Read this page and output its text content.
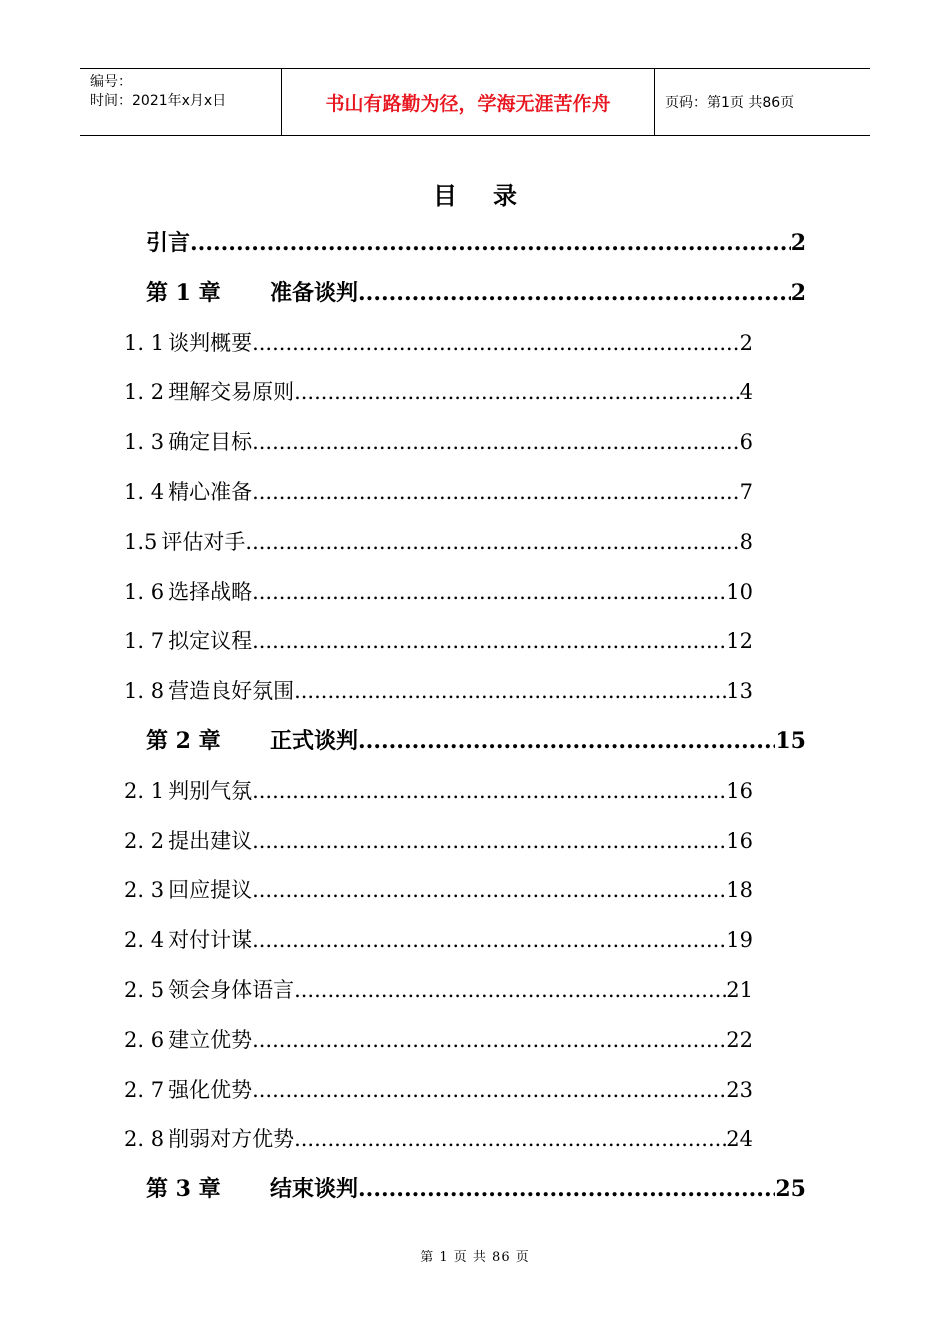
编号：
时间：2021年x月x日	书山有路勤为径，学海无涯苦作舟	页码：第1页 共86页
目录
引言 .....	2
第 1 章	准备谈判 .....	2
1. 1 谈判概要 .....	2
1. 2 理解交易原则 .....	4
1. 3 确定目标 .....	6
1. 4 精心准备 .....	7
1.5 评估对手 .....	8
1. 6 选择战略 .....	10
1. 7 拟定议程 .....	12
1. 8 营造良好氛围 .....	13
第 2 章	正式谈判 .....	15
2. 1 判别气氛 .....	16
2. 2 提出建议 .....	16
2. 3 回应提议 .....	18
2. 4 对付计谋 .....	19
2. 5 领会身体语言 .....	21
2. 6 建立优势 .....	22
2. 7 强化优势 .....	23
2. 8 削弱对方优势 .....	24
第 3 章	结束谈判 .....	25
第 1 页 共 86 页
